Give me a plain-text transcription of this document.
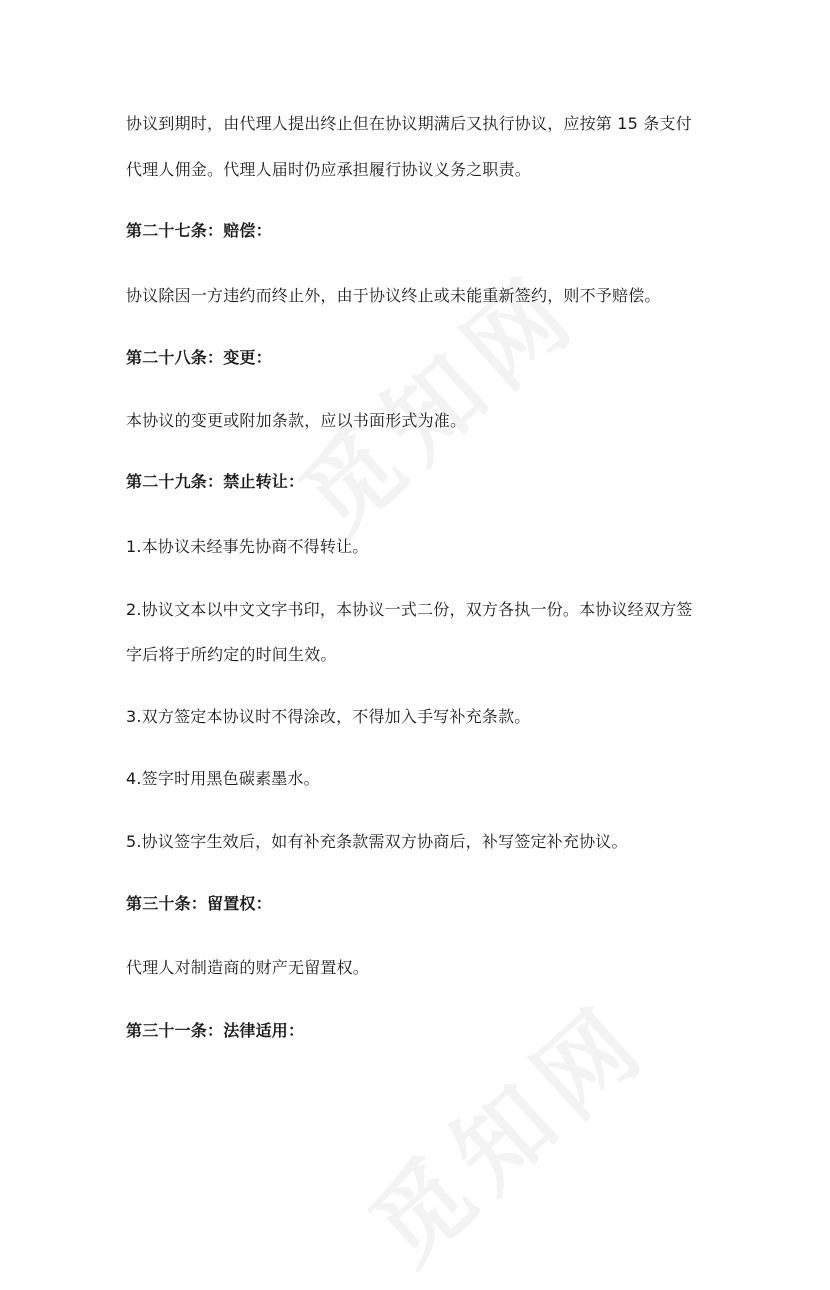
协议到期时，由代理人提出终止但在协议期满后又执行协议，应按第 15 条支付
代理人佣金。代理人届时仍应承担履行协议义务之职责。
第二十七条：赔偿：
协议除因一方违约而终止外，由于协议终止或未能重新签约，则不予赔偿。
第二十八条：变更：
本协议的变更或附加条款，应以书面形式为准。
第二十九条：禁止转让：
1.本协议未经事先协商不得转让。
2.协议文本以中文文字书印，本协议一式二份，双方各执一份。本协议经双方签
字后将于所约定的时间生效。
3.双方签定本协议时不得涂改，不得加入手写补充条款。
4.签字时用黑色碳素墨水。
5.协议签字生效后，如有补充条款需双方协商后，补写签定补充协议。
第三十条：留置权：
代理人对制造商的财产无留置权。
第三十一条：法律适用：
